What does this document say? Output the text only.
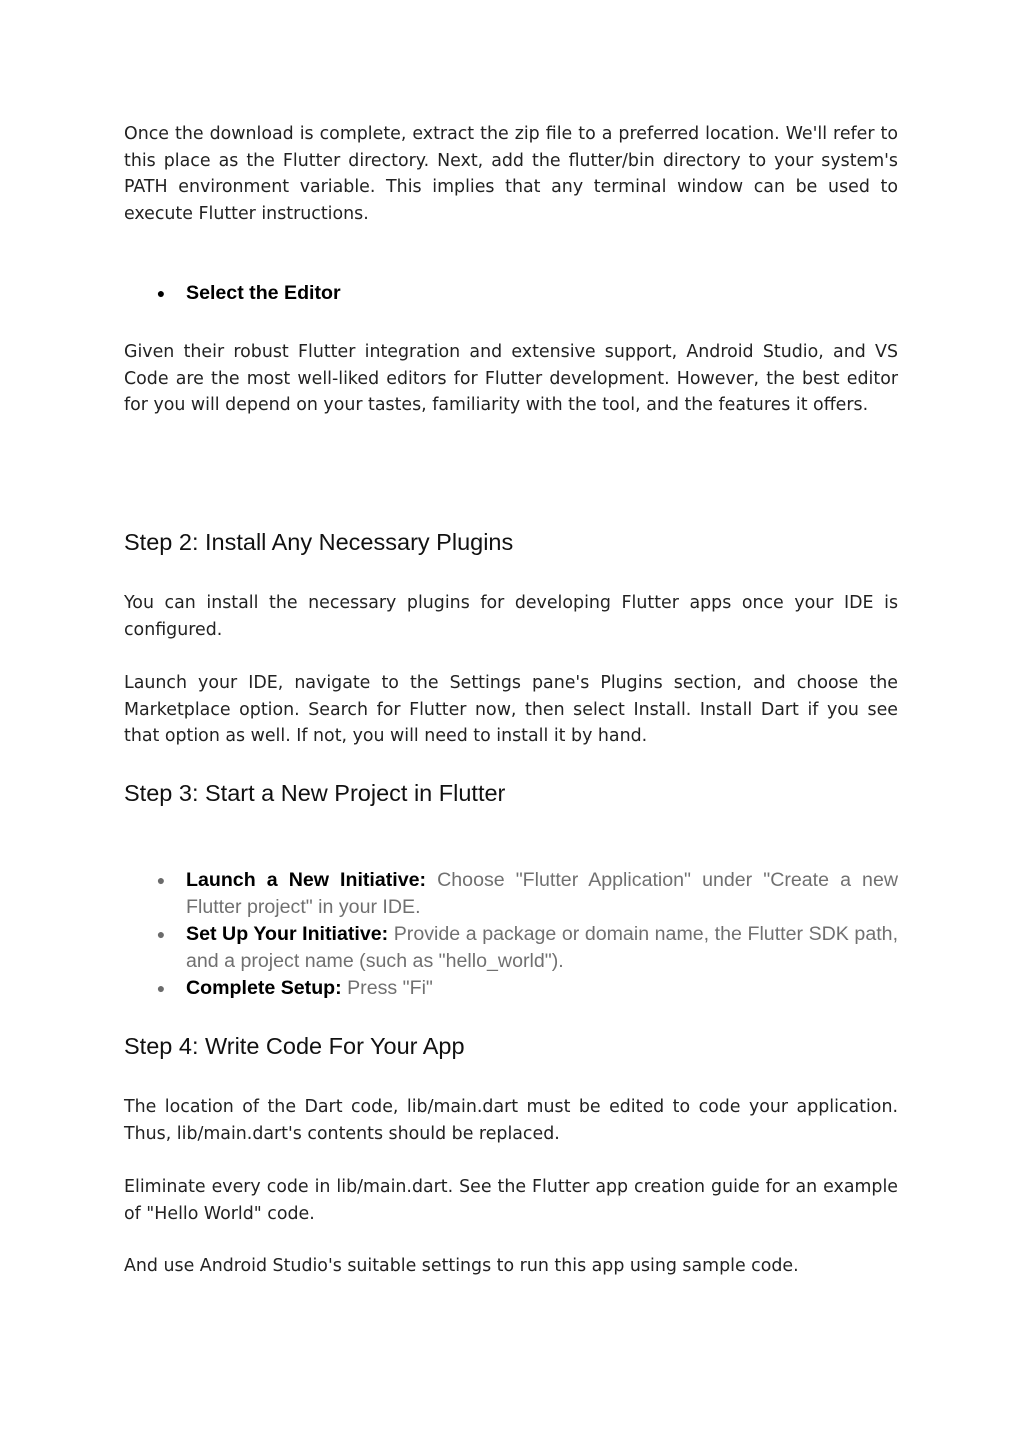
Once the download is complete, extract the zip file to a preferred location. We'll refer to this place as the Flutter directory. Next, add the flutter/bin directory to your system's PATH environment variable. This implies that any terminal window can be used to execute Flutter instructions.

● Select the Editor

Given their robust Flutter integration and extensive support, Android Studio, and VS Code are the most well-liked editors for Flutter development. However, the best editor for you will depend on your tastes, familiarity with the tool, and the features it offers.

Step 2: Install Any Necessary Plugins

You can install the necessary plugins for developing Flutter apps once your IDE is configured.

Launch your IDE, navigate to the Settings pane's Plugins section, and choose the Marketplace option. Search for Flutter now, then select Install. Install Dart if you see that option as well. If not, you will need to install it by hand.

Step 3: Start a New Project in Flutter
● Launch a New Initiative: Choose "Flutter Application" under "Create a new Flutter project" in your IDE.
● Set Up Your Initiative: Provide a package or domain name, the Flutter SDK path, and a project name (such as "hello_world").
● Complete Setup: Press "Fi"
Step 4: Write Code For Your App

The location of the Dart code, lib/main.dart must be edited to code your application. Thus, lib/main.dart's contents should be replaced.

Eliminate every code in lib/main.dart. See the Flutter app creation guide for an example of "Hello World" code.

And use Android Studio's suitable settings to run this app using sample code.
